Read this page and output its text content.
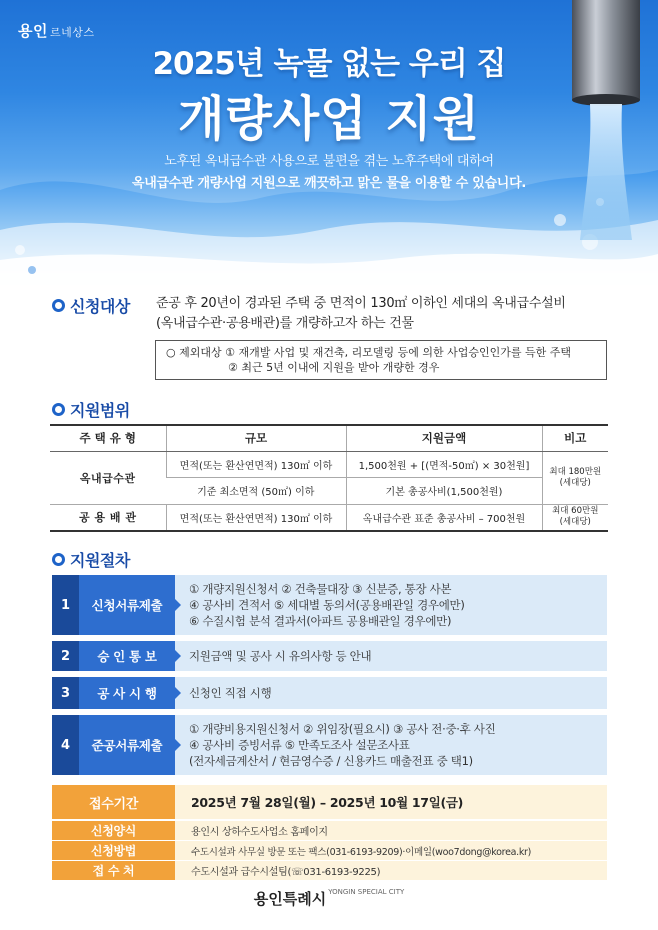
용인 르네상스
2025년 녹물 없는 우리 집
개량사업 지원
노후된 옥내급수관 사용으로 불편을 겪는 노후주택에 대하여
옥내급수관 개량사업 지원으로 깨끗하고 맑은 물을 이용할 수 있습니다.
신청대상 준공 후 20년이 경과된 주택 중 면적이 130㎡ 이하인 세대의 옥내급수설비
(옥내급수관·공용배관)를 개량하고자 하는 건물
○ 제외대상 ① 재개발 사업 및 재건축, 리모델링 등에 의한 사업승인인가를 득한 주택
② 최근 5년 이내에 지원을 받아 개량한 경우
지원범위
주 택 유 형	규모	지원금액	비고
옥내급수관	면적(또는 환산연면적) 130㎡ 이하	1,500천원 + [(면적-50㎡) × 30천원]	최대 180만원
(세대당)

	기준 최소면적 (50㎡) 이하	기본 총공사비(1,500천원)	
공 용 배 관	면적(또는 환산연면적) 130㎡ 이하	옥내급수관 표준 총공사비 – 700천원	최대 60만원
(세대당)
지원절차
1	신청서류제출
① 개량지원신청서 ② 건축물대장 ③ 신분증, 통장 사본
④ 공사비 견적서 ⑤ 세대별 동의서(공용배관일 경우에만)
⑥ 수질시험 분석 결과서(아파트 공용배관일 경우에만)
2	승 인 통 보	지원금액 및 공사 시 유의사항 등 안내
3	공 사 시 행	신청인 직접 시행
4	준공서류제출
① 개량비용지원신청서 ② 위임장(필요시) ③ 공사 전·중·후 사진
④ 공사비 증빙서류 ⑤ 만족도조사 설문조사표
(전자세금계산서 / 현금영수증 / 신용카드 매출전표 중 택1)
접수기간	2025년 7월 28일(월) – 2025년 10월 17일(금)
신청양식	용인시 상하수도사업소 홈페이지
신청방법	수도시설과 사무실 방문 또는 팩스(031-6193-9209)·이메일(woo7dong@korea.kr)
접 수 처	수도시설과 급수시설팀(☏031-6193-9225)
용인특례시 $^{YONGIN SPECIAL CITY}$
